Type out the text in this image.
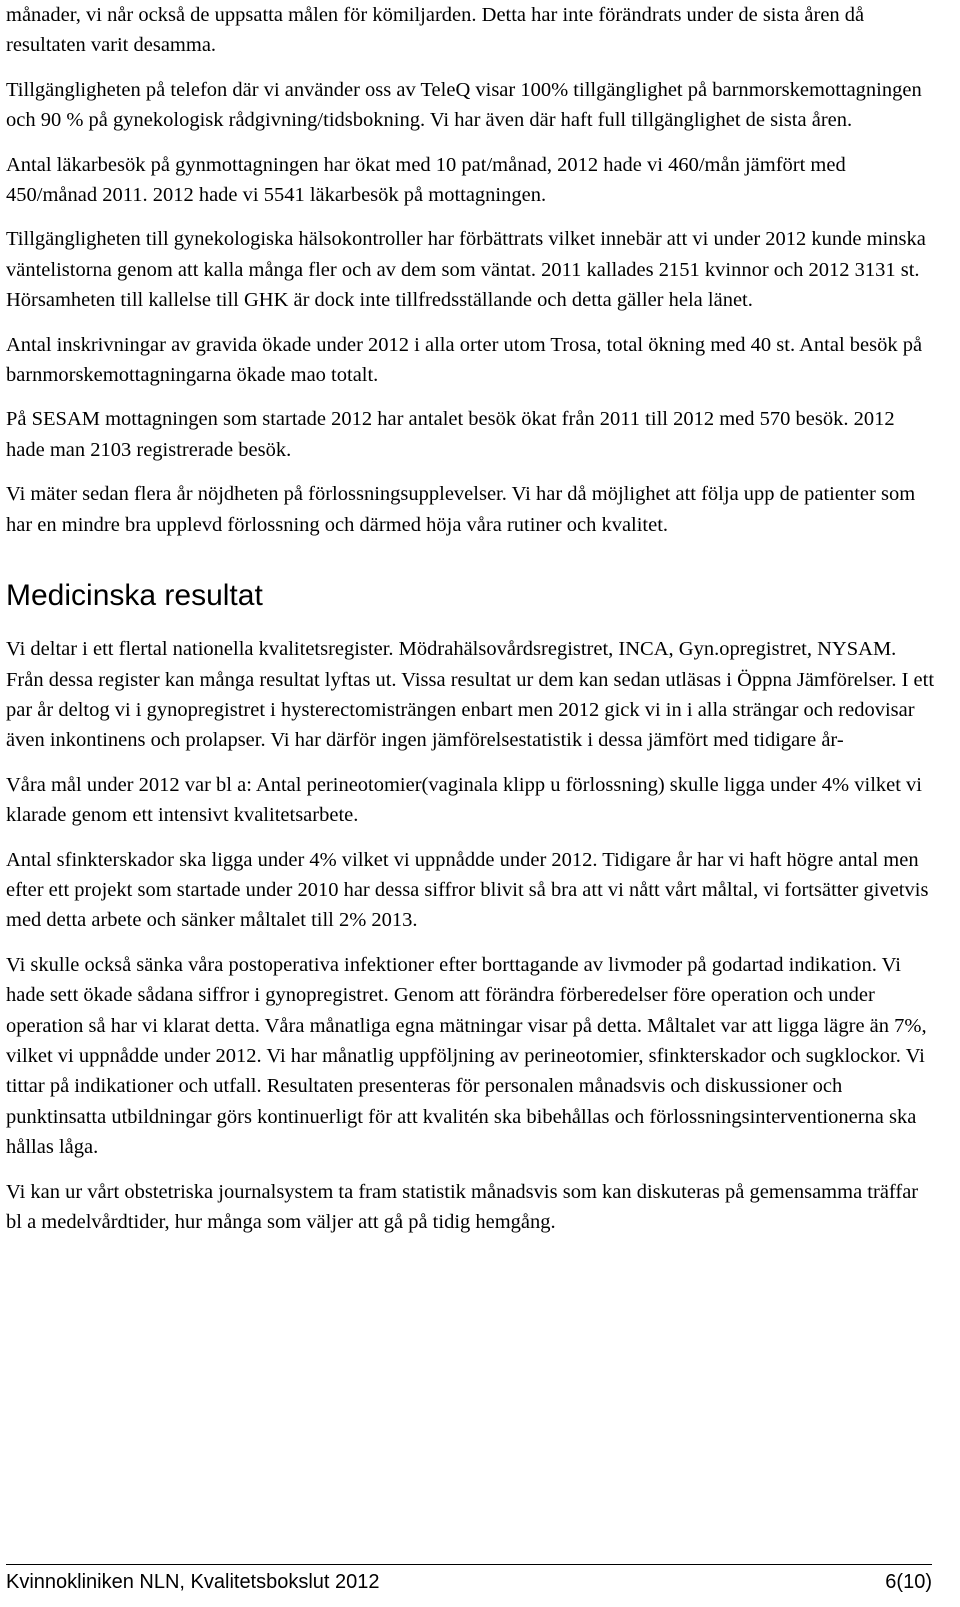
månader, vi når också de uppsatta målen för kömiljarden. Detta har inte förändrats under de sista åren då resultaten varit desamma.

Tillgängligheten på telefon där vi använder oss av TeleQ visar 100% tillgänglighet på barnmorskemottagningen och 90 % på gynekologisk rådgivning/tidsbokning. Vi har även där haft full tillgänglighet de sista åren.

Antal läkarbesök på gynmottagningen har ökat med 10 pat/månad, 2012 hade vi 460/mån jämfört med 450/månad 2011. 2012 hade vi 5541 läkarbesök på mottagningen.

Tillgängligheten till gynekologiska hälsokontroller har förbättrats vilket innebär att vi under 2012 kunde minska väntelistorna genom att kalla många fler och av dem som väntat. 2011 kallades 2151 kvinnor och 2012 3131 st. Hörsamheten till kallelse till GHK är dock inte tillfredsställande och detta gäller hela länet.

Antal inskrivningar av gravida ökade under 2012 i alla orter utom Trosa, total ökning med 40 st. Antal besök på barnmorskemottagningarna ökade mao totalt.

På SESAM mottagningen som startade 2012 har antalet besök ökat från 2011 till 2012 med 570 besök. 2012 hade man 2103 registrerade besök.

Vi mäter sedan flera år nöjdheten på förlossningsupplevelser. Vi har då möjlighet att följa upp de patienter som har en mindre bra upplevd förlossning och därmed höja våra rutiner och kvalitet.

Medicinska resultat

Vi deltar i ett flertal nationella kvalitetsregister. Mödrahälsovårdsregistret, INCA, Gyn.opregistret, NYSAM. Från dessa register kan många resultat lyftas ut. Vissa resultat ur dem kan sedan utläsas i Öppna Jämförelser. I ett par år deltog vi i gynopregistret i hysterectomisträngen enbart men 2012 gick vi in i alla strängar och redovisar även inkontinens och prolapser. Vi har därför ingen jämförelsestatistik i dessa jämfört med tidigare år-

Våra mål under 2012 var bl a: Antal perineotomier(vaginala klipp u förlossning) skulle ligga under 4% vilket vi klarade genom ett intensivt kvalitetsarbete.

Antal sfinkterskador ska ligga under 4% vilket vi uppnådde under 2012. Tidigare år har vi haft högre antal men efter ett projekt som startade under 2010 har dessa siffror blivit så bra att vi nått vårt måltal, vi fortsätter givetvis med detta arbete och sänker måltalet till 2% 2013.

Vi skulle också sänka våra postoperativa infektioner efter borttagande av livmoder på godartad indikation. Vi hade sett ökade sådana siffror i gynopregistret. Genom att förändra förberedelser före operation och under operation så har vi klarat detta. Våra månatliga egna mätningar visar på detta. Måltalet var att ligga lägre än 7%, vilket vi uppnådde under 2012. Vi har månatlig uppföljning av perineotomier, sfinkterskador och sugklockor. Vi tittar på indikationer och utfall. Resultaten presenteras för personalen månadsvis och diskussioner och punktinsatta utbildningar görs kontinuerligt för att kvalitén ska bibehållas och förlossningsinterventionerna ska hållas låga.

Vi kan ur vårt obstetriska journalsystem ta fram statistik månadsvis som kan diskuteras på gemensamma träffar bl a medelvårdtider, hur många som väljer att gå på tidig hemgång.

Kvinnokliniken NLN, Kvalitetsbokslut 2012	6(10)
